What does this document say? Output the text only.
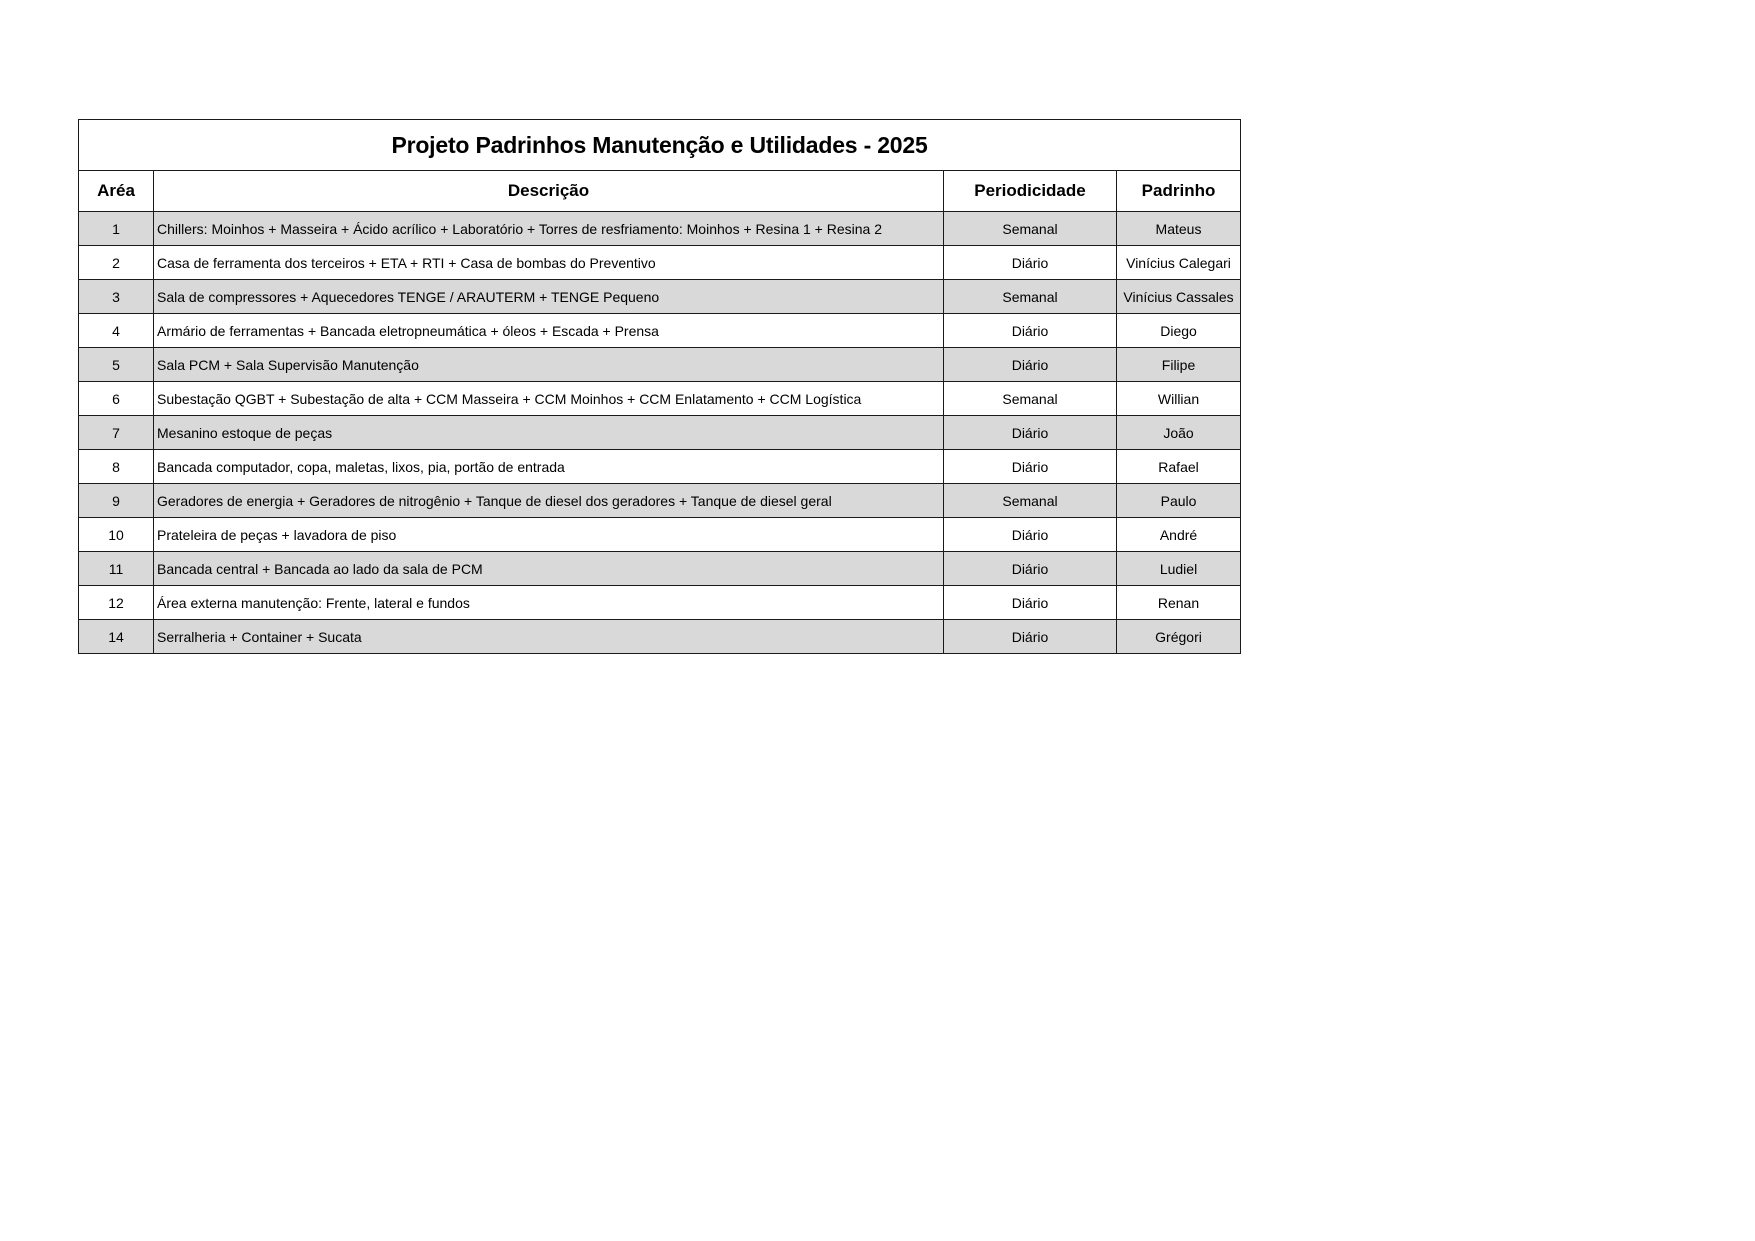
Projeto Padrinhos Manutenção e Utilidades - 2025			
Aréa	Descrição	Periodicidade	Padrinho
1	Chillers: Moinhos + Masseira + Ácido acrílico + Laboratório + Torres de resfriamento: Moinhos + Resina 1 + Resina 2	Semanal	Mateus
2	Casa de ferramenta dos terceiros + ETA + RTI + Casa de bombas do Preventivo	Diário	Vinícius Calegari
3	Sala de compressores + Aquecedores TENGE / ARAUTERM + TENGE Pequeno	Semanal	Vinícius Cassales
4	Armário de ferramentas + Bancada eletropneumática + óleos + Escada + Prensa	Diário	Diego
5	Sala PCM + Sala Supervisão Manutenção	Diário	Filipe
6	Subestação QGBT + Subestação de alta + CCM Masseira + CCM Moinhos + CCM Enlatamento + CCM Logística	Semanal	Willian
7	Mesanino estoque de peças	Diário	João
8	Bancada computador, copa, maletas, lixos, pia, portão de entrada	Diário	Rafael
9	Geradores de energia + Geradores de nitrogênio + Tanque de diesel dos geradores + Tanque de diesel geral	Semanal	Paulo
10	Prateleira de peças + lavadora de piso	Diário	André
11	Bancada central + Bancada ao lado da sala de PCM	Diário	Ludiel
12	Área externa manutenção: Frente, lateral e fundos	Diário	Renan
14	Serralheria + Container + Sucata	Diário	Grégori
